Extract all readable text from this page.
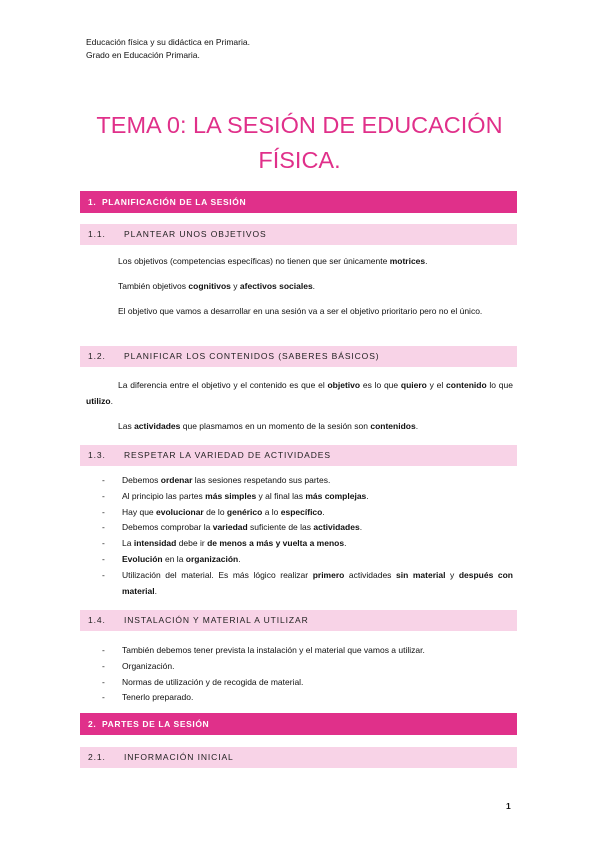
Educación física y su didáctica en Primaria.
Grado en Educación Primaria.
TEMA 0: LA SESIÓN DE EDUCACIÓN FÍSICA.
1. PLANIFICACIÓN DE LA SESIÓN
1.1. PLANTEAR UNOS OBJETIVOS
Los objetivos (competencias específicas) no tienen que ser únicamente motrices.
También objetivos cognitivos y afectivos sociales.
El objetivo que vamos a desarrollar en una sesión va a ser el objetivo prioritario pero no el único.
1.2. PLANIFICAR LOS CONTENIDOS (SABERES BÁSICOS)
La diferencia entre el objetivo y el contenido es que el objetivo es lo que quiero y el contenido lo que utilizo.
Las actividades que plasmamos en un momento de la sesión son contenidos.
1.3. RESPETAR LA VARIEDAD DE ACTIVIDADES
- Debemos ordenar las sesiones respetando sus partes.
- Al principio las partes más simples y al final las más complejas.
- Hay que evolucionar de lo genérico a lo específico.
- Debemos comprobar la variedad suficiente de las actividades.
- La intensidad debe ir de menos a más y vuelta a menos.
- Evolución en la organización.
- Utilización del material. Es más lógico realizar primero actividades sin material y después con material.
1.4. INSTALACIÓN Y MATERIAL A UTILIZAR
- También debemos tener prevista la instalación y el material que vamos a utilizar.
- Organización.
- Normas de utilización y de recogida de material.
- Tenerlo preparado.
2. PARTES DE LA SESIÓN
2.1. INFORMACIÓN INICIAL
1
